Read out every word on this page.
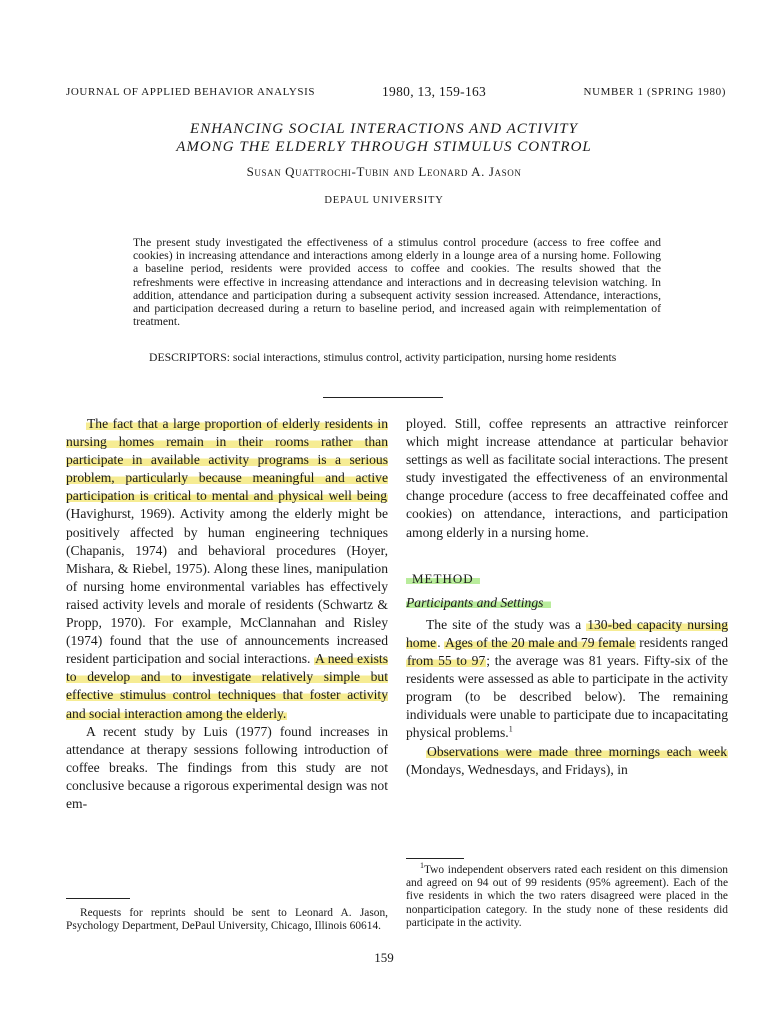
JOURNAL OF APPLIED BEHAVIOR ANALYSIS	1980, 13, 159-163	NUMBER 1 (SPRING 1980)
ENHANCING SOCIAL INTERACTIONS AND ACTIVITY
AMONG THE ELDERLY THROUGH STIMULUS CONTROL
Susan Quattrochi-Tubin and Leonard A. Jason
DEPAUL UNIVERSITY

The present study investigated the effectiveness of a stimulus control procedure (access to free coffee and cookies) in increasing attendance and interactions among elderly in a lounge area of a nursing home. Following a baseline period, residents were provided access to coffee and cookies. The results showed that the refreshments were effective in increasing attendance and interactions and in decreasing television watching. In addition, attendance and participation during a subsequent activity session increased. Attendance, interactions, and participation decreased during a return to baseline period, and increased again with reimplementation of treatment.

DESCRIPTORS: social interactions, stimulus control, activity participation, nursing home residents

The fact that a large proportion of elderly residents in nursing homes remain in their rooms rather than participate in available activity programs is a serious problem, particularly because meaningful and active participation is critical to mental and physical well being (Havighurst, 1969). Activity among the elderly might be positively affected by human engineering techniques (Chapanis, 1974) and behavioral procedures (Hoyer, Mishara, & Riebel, 1975). Along these lines, manipulation of nursing home environmental variables has effectively raised activity levels and morale of residents (Schwartz & Propp, 1970). For example, McClannahan and Risley (1974) found that the use of announcements increased resident participation and social interactions. A need exists to develop and to investigate relatively simple but effective stimulus control techniques that foster activity and social interaction among the elderly.

A recent study by Luis (1977) found increases in attendance at therapy sessions following introduction of coffee breaks. The findings from this study are not conclusive because a rigorous experimental design was not em-

ployed. Still, coffee represents an attractive reinforcer which might increase attendance at particular behavior settings as well as facilitate social interactions. The present study investigated the effectiveness of an environmental change procedure (access to free decaffeinated coffee and cookies) on attendance, interactions, and participation among elderly in a nursing home.

METHOD

Participants and Settings

The site of the study was a 130-bed capacity nursing home. Ages of the 20 male and 79 female residents ranged from 55 to 97; the average was 81 years. Fifty-six of the residents were assessed as able to participate in the activity program (to be described below). The remaining individuals were unable to participate due to incapacitating physical problems.$^1$

Observations were made three mornings each week (Mondays, Wednesdays, and Fridays), in

Requests for reprints should be sent to Leonard A. Jason, Psychology Department, DePaul University, Chicago, Illinois 60614.

$^1$Two independent observers rated each resident on this dimension and agreed on 94 out of 99 residents (95% agreement). Each of the five residents in which the two raters disagreed were placed in the nonparticipation category. In the study none of these residents did participate in the activity.

159
